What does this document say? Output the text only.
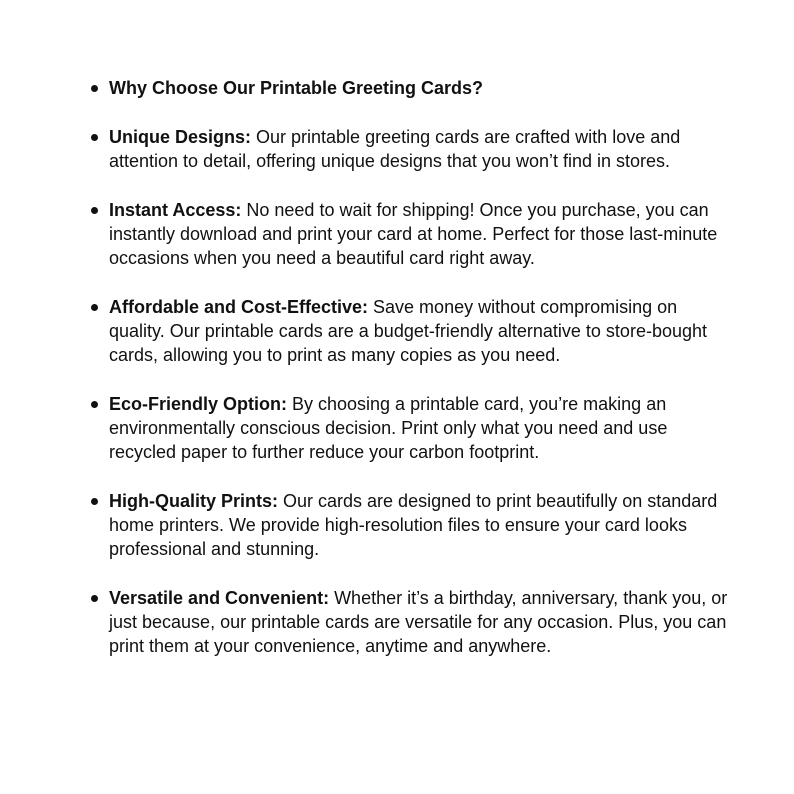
Why Choose Our Printable Greeting Cards?
Unique Designs: Our printable greeting cards are crafted with love and attention to detail, offering unique designs that you won’t find in stores.
Instant Access: No need to wait for shipping! Once you purchase, you can instantly download and print your card at home. Perfect for those last-minute occasions when you need a beautiful card right away.
Affordable and Cost-Effective: Save money without compromising on quality. Our printable cards are a budget-friendly alternative to store-bought cards, allowing you to print as many copies as you need.
Eco-Friendly Option: By choosing a printable card, you’re making an environmentally conscious decision. Print only what you need and use recycled paper to further reduce your carbon footprint.
High-Quality Prints: Our cards are designed to print beautifully on standard home printers. We provide high-resolution files to ensure your card looks professional and stunning.
Versatile and Convenient: Whether it’s a birthday, anniversary, thank you, or just because, our printable cards are versatile for any occasion. Plus, you can print them at your convenience, anytime and anywhere.
